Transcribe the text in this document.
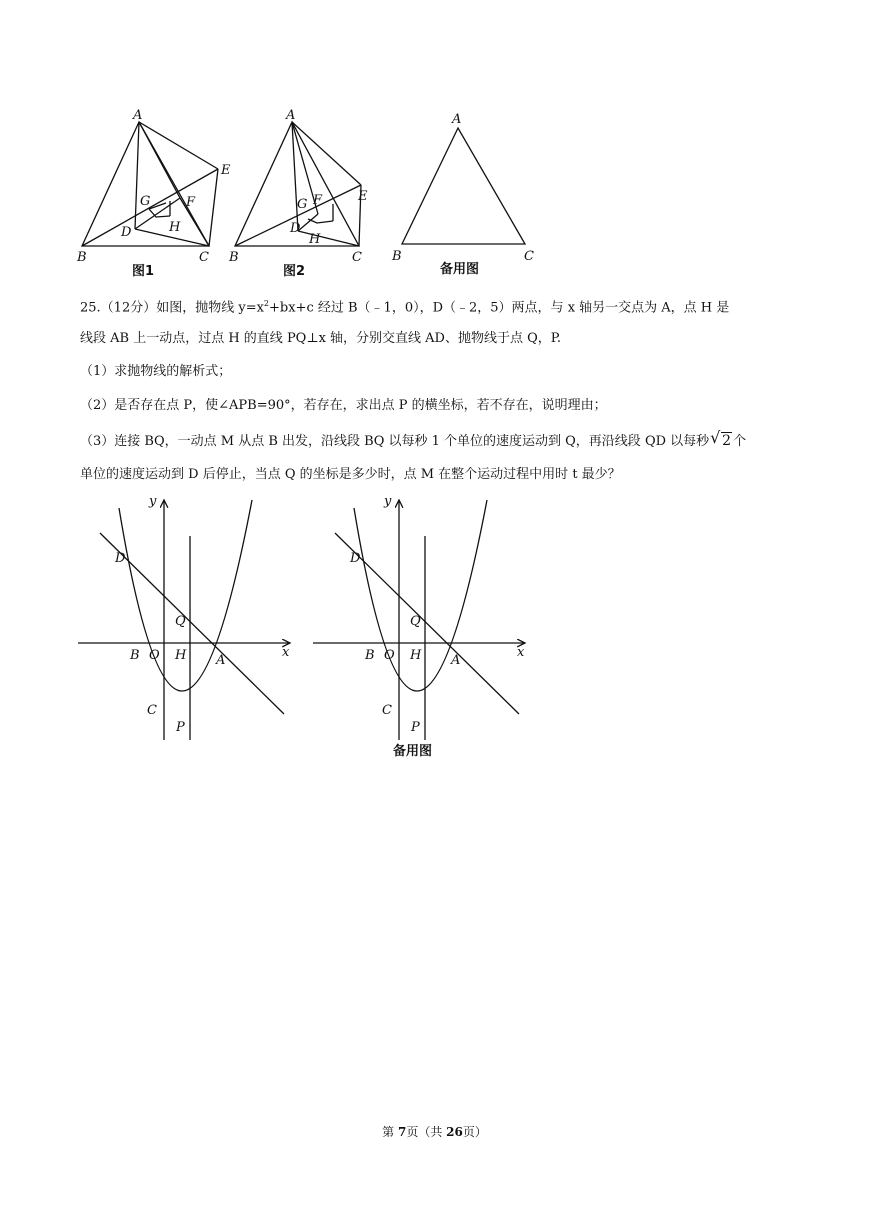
A
B	C
D
E
F
G
H
图1
A
B	C
D
E
F
G
H
图2
A
B	C
备用图
25.（12分）如图，抛物线 $y=x^2+bx+c$ 经过 B（﹣1，0），D（﹣2，5）两点，与 x 轴另一交点为 A，点 H 是
线段 AB 上一动点，过点 H 的直线 PQ⊥x 轴，分别交直线 AD、抛物线于点 Q，P.
（1）求抛物线的解析式；
（2）是否存在点 P，使∠APB=90°，若存在，求出点 P 的横坐标，若不存在，说明理由；
（3）连接 BQ，一动点 M 从点 B 出发，沿线段 BQ 以每秒 1 个单位的速度运动到 Q，再沿线段 QD 以每秒 √ 2 个
单位的速度运动到 D 后停止，当点 Q 的坐标是多少时，点 M 在整个运动过程中用时 t 最少？
y
x
D
Q
B O H A
C
P
y
x
D
Q
B O H A
C
P
备用图
第 7页（共 26页）
